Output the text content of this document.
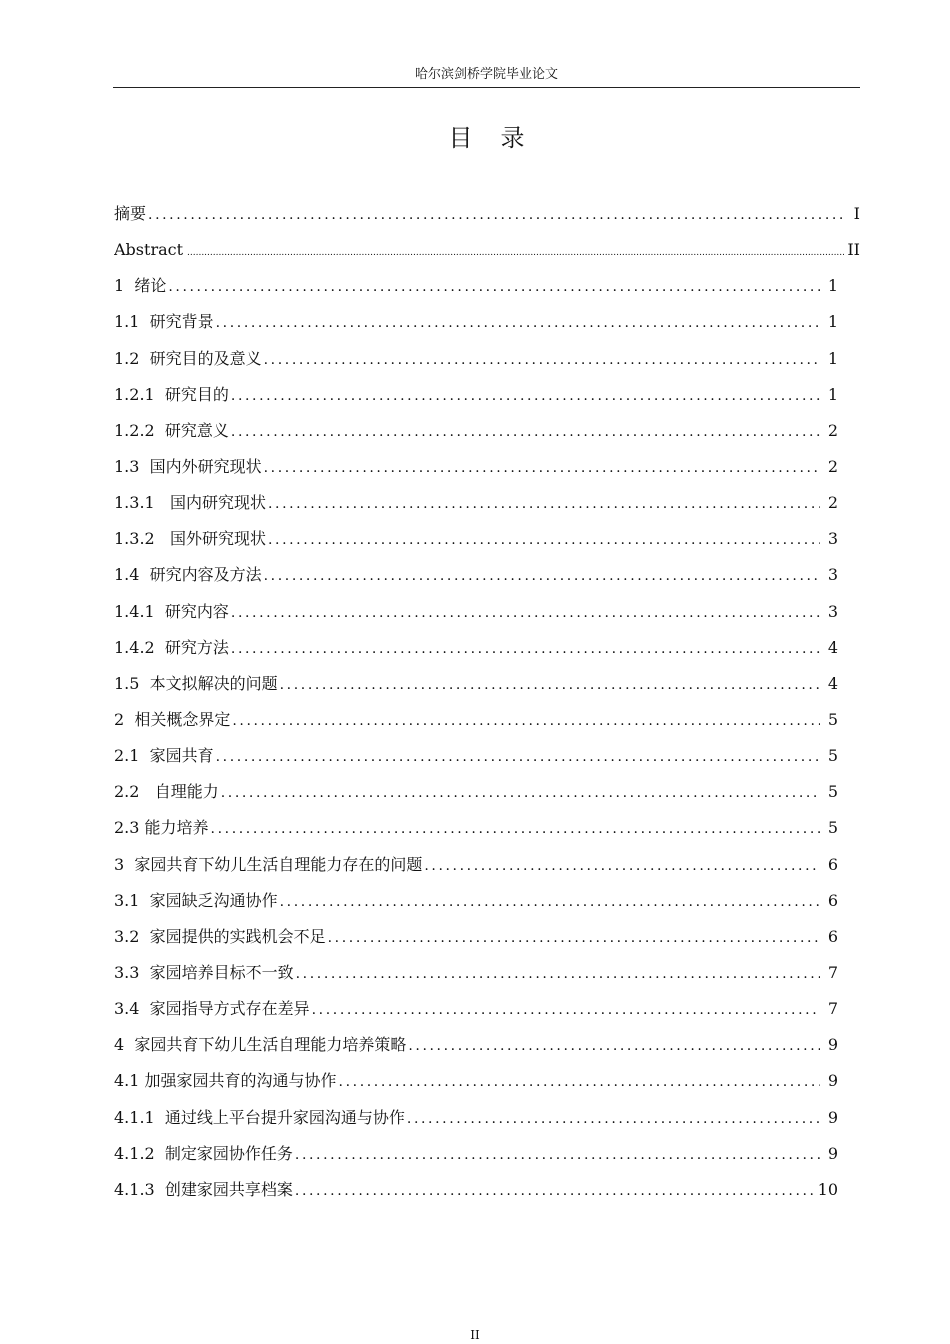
哈尔滨剑桥学院毕业论文
目录
摘要 .....	I
Abstract .....	II
1  绪论 .....	1
1.1  研究背景 .....	1
1.2  研究目的及意义 .....	1
1.2.1  研究目的 .....	1
1.2.2  研究意义 .....	2
1.3  国内外研究现状 .....	2
1.3.1   国内研究现状 .....	2
1.3.2   国外研究现状 .....	3
1.4  研究内容及方法 .....	3
1.4.1  研究内容 .....	3
1.4.2  研究方法 .....	4
1.5  本文拟解决的问题 .....	4
2  相关概念界定 .....	5
2.1  家园共育 .....	5
2.2   自理能力 .....	5
2.3 能力培养 .....	5
3  家园共育下幼儿生活自理能力存在的问题 .....	6
3.1  家园缺乏沟通协作 .....	6
3.2  家园提供的实践机会不足 .....	6
3.3  家园培养目标不一致 .....	7
3.4  家园指导方式存在差异 .....	7
4  家园共育下幼儿生活自理能力培养策略 .....	9
4.1 加强家园共育的沟通与协作 .....	9
4.1.1  通过线上平台提升家园沟通与协作 .....	9
4.1.2  制定家园协作任务 .....	9
4.1.3  创建家园共享档案 .....	10
II
